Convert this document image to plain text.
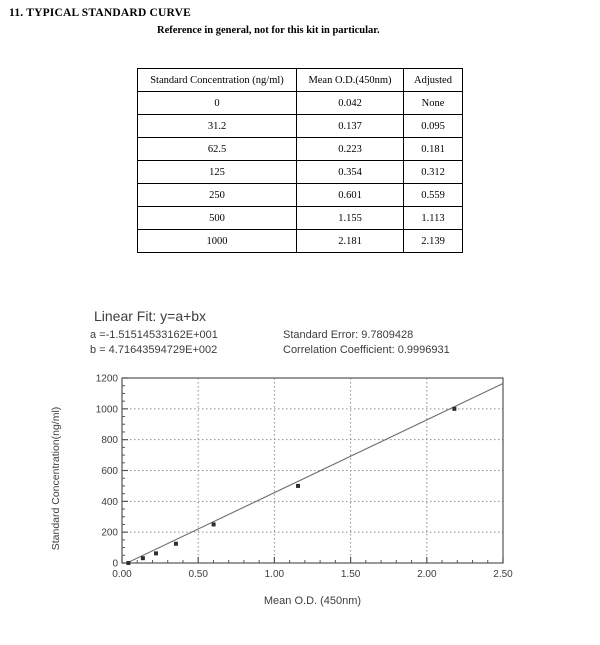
11. TYPICAL STANDARD CURVE

Reference in general, not for this kit in particular.

Standard Concentration (ng/ml)	Mean O.D.(450nm)	Adjusted
0	0.042	None
31.2	0.137	0.095
62.5	0.223	0.181
125	0.354	0.312
250	0.601	0.559
500	1.155	1.113
1000	2.181	2.139
Linear Fit: y=a+bx
a =-1.51514533162E+001	Standard Error: 9.7809428
b = 4.71643594729E+002	Correlation Coefficient: 0.9996931
0.00	0.50	1.00	1.50	2.00	2.50
0
200
400
600
800
1000
1200
Mean O.D. (450nm)
Standard Concentration(ng/ml)
